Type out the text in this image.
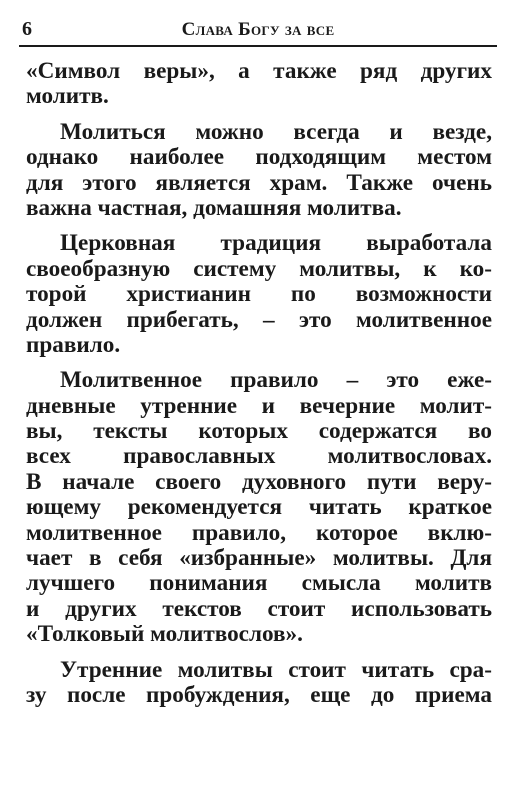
6	Слава Богу за все

«Символ веры», а также ряд других
молитв.

Молиться можно всегда и везде,
однако наиболее подходящим местом
для этого является храм. Также очень
важна частная, домашняя молитва.

Церковная традиция выработала
своеобразную систему молитвы, к ко-
торой христианин по возможности
должен прибегать, – это молитвенное
правило.

Молитвенное правило – это еже-
дневные утренние и вечерние молит-
вы, тексты которых содержатся во
всех православных молитвословах.
В начале своего духовного пути веру-
ющему рекомендуется читать краткое
молитвенное правило, которое вклю-
чает в себя «избранные» молитвы. Для
лучшего понимания смысла молитв
и других текстов стоит использовать
«Толковый молитвослов».

Утренние молитвы стоит читать сра-
зу после пробуждения, еще до приема
